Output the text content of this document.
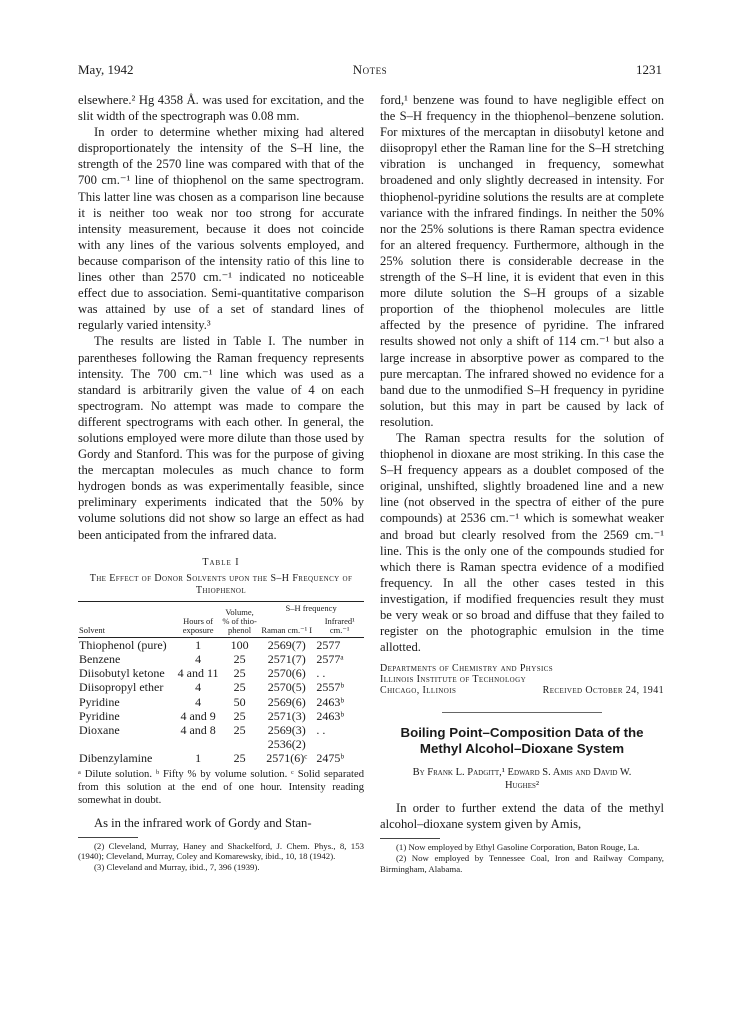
May, 1942	Notes	1231

elsewhere.² Hg 4358 Å. was used for excitation, and the slit width of the spectrograph was 0.08 mm.

In order to determine whether mixing had altered disproportionately the intensity of the S–H line, the strength of the 2570 line was compared with that of the 700 cm.⁻¹ line of thiophenol on the same spectrogram. This latter line was chosen as a comparison line because it is neither too weak nor too strong for accurate intensity measurement, because it does not coincide with any lines of the various solvents employed, and because comparison of the intensity ratio of this line to lines other than 2570 cm.⁻¹ indicated no noticeable effect due to association. Semi-quantitative comparison was attained by use of a set of standard lines of regularly varied intensity.³

The results are listed in Table I. The number in parentheses following the Raman frequency represents intensity. The 700 cm.⁻¹ line which was used as a standard is arbitrarily given the value of 4 on each spectrogram. No attempt was made to compare the different spectrograms with each other. In general, the solutions employed were more dilute than those used by Gordy and Stanford. This was for the purpose of giving the mercaptan molecules as much chance to form hydrogen bonds as was experimentally feasible, since preliminary experiments indicated that the 50% by volume solutions did not show so large an effect as had been anticipated from the infrared data.

Table I
The Effect of Donor Solvents upon the S–H Frequency of Thiophenol
Solvent	Hours of exposure	Volume, % of thio-phenol	S–H frequency	
			Raman cm.⁻¹ I	Infrared¹ cm.⁻¹
Thiophenol (pure)	1	100	2569(7)	2577
Benzene	4	25	2571(7)	2577ᵃ
Diisobutyl ketone	4 and 11	25	2570(6)	. .
Diisopropyl ether	4	25	2570(5)	2557ᵇ
Pyridine	4	50	2569(6)	2463ᵇ
Pyridine	4 and 9	25	2571(3)	2463ᵇ
Dioxane	4 and 8	25	2569(3)	. .
			2536(2)	
Dibenzylamine	1	25	2571(6)ᶜ	2475ᵇ

ᵃ Dilute solution. ᵇ Fifty % by volume solution. ᶜ Solid separated from this solution at the end of one hour. Intensity reading somewhat in doubt.

As in the infrared work of Gordy and Stan-

(2) Cleveland, Murray, Haney and Shackelford, J. Chem. Phys., 8, 153 (1940); Cleveland, Murray, Coley and Komarewsky, ibid., 10, 18 (1942).

(3) Cleveland and Murray, ibid., 7, 396 (1939).

ford,¹ benzene was found to have negligible effect on the S–H frequency in the thiophenol–benzene solution. For mixtures of the mercaptan in diisobutyl ketone and diisopropyl ether the Raman line for the S–H stretching vibration is unchanged in frequency, somewhat broadened and only slightly decreased in intensity. For thiophenol-pyridine solutions the results are at complete variance with the infrared findings. In neither the 50% nor the 25% solutions is there Raman spectra evidence for an altered frequency. Furthermore, although in the 25% solution there is considerable decrease in the strength of the S–H line, it is evident that even in this more dilute solution the S–H groups of a sizable proportion of the thiophenol molecules are little affected by the presence of pyridine. The infrared results showed not only a shift of 114 cm.⁻¹ but also a large increase in absorptive power as compared to the pure mercaptan. The infrared showed no evidence for a band due to the unmodified S–H frequency in pyridine solution, but this may in part be caused by lack of resolution.

The Raman spectra results for the solution of thiophenol in dioxane are most striking. In this case the S–H frequency appears as a doublet composed of the original, unshifted, slightly broadened line and a new line (not observed in the spectra of either of the pure compounds) at 2536 cm.⁻¹ which is somewhat weaker and broad but clearly resolved from the 2569 cm.⁻¹ line. This is the only one of the compounds studied for which there is Raman spectra evidence of a modified frequency. In all the other cases tested in this investigation, if modified frequencies result they must be very weak or so broad and diffuse that they failed to register on the photographic emulsion in the time allotted.

Departments of Chemistry and Physics
Illinois Institute of Technology
Chicago, Illinois	Received October 24, 1941
Boiling Point–Composition Data of the Methyl Alcohol–Dioxane System
By Frank L. Padgitt,¹ Edward S. Amis and David W.
Hughes²

In order to further extend the data of the methyl alcohol–dioxane system given by Amis,

(1) Now employed by Ethyl Gasoline Corporation, Baton Rouge, La.

(2) Now employed by Tennessee Coal, Iron and Railway Company, Birmingham, Alabama.
